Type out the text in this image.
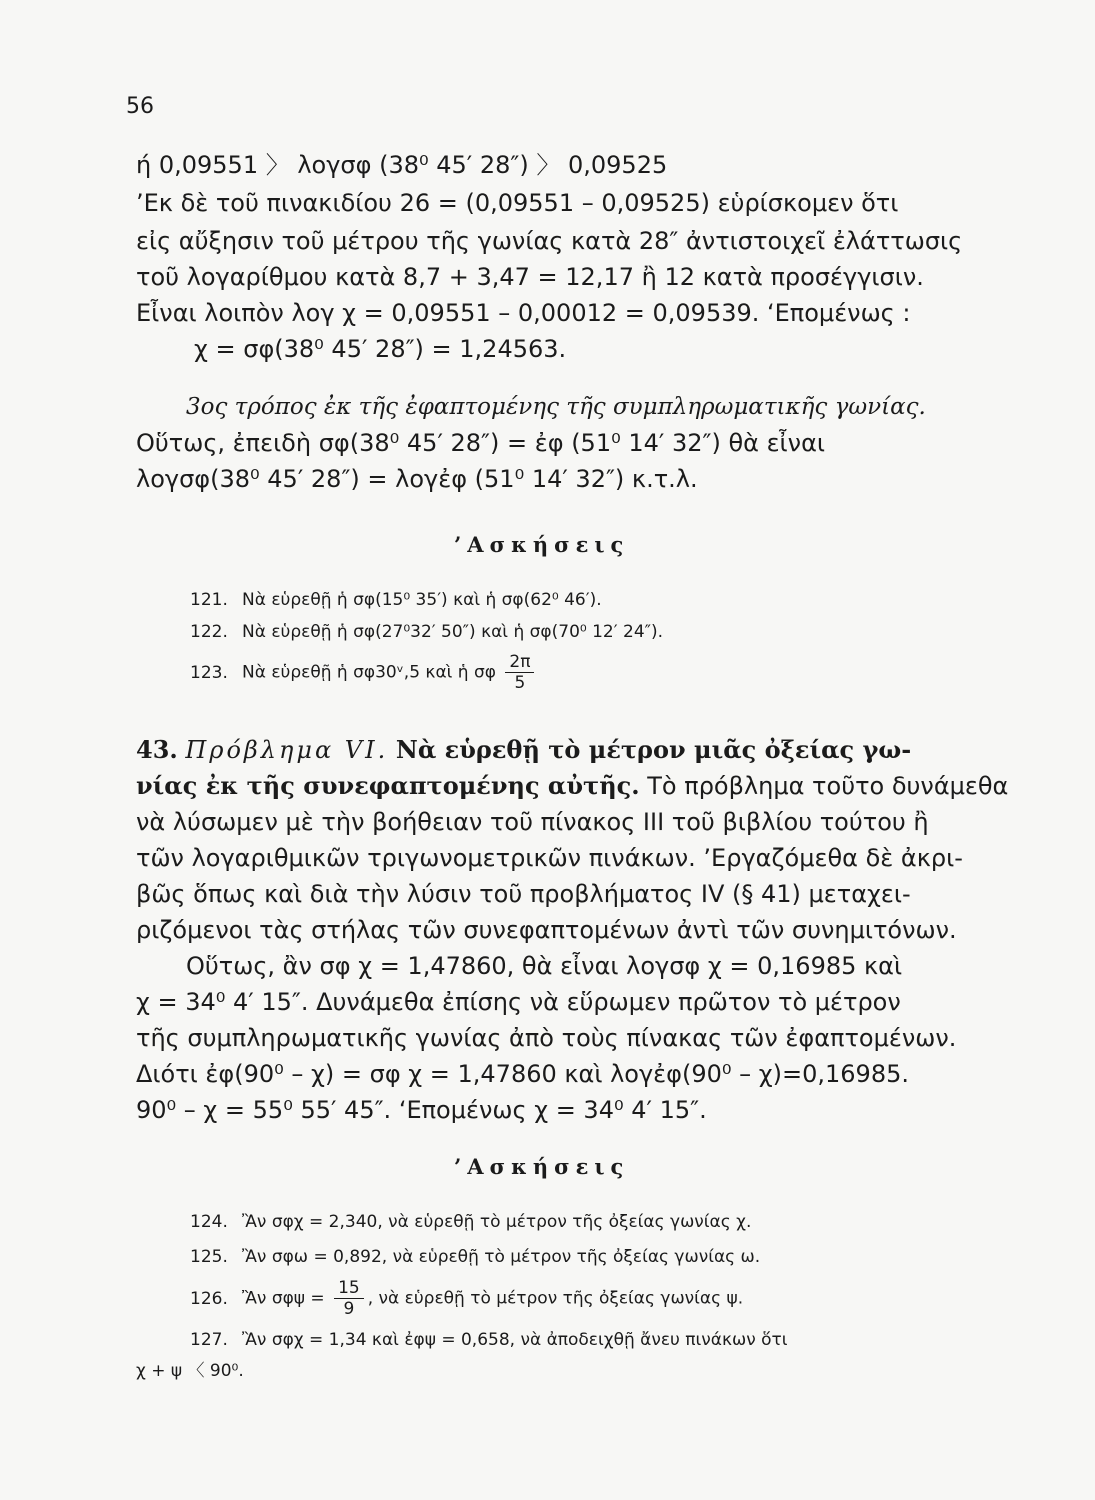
56
ή 0,09551 〉 λογσφ (38⁰ 45′ 28″) 〉 0,09525
’Εκ δὲ τοῦ πινακιδίου 26 = (0,09551 – 0,09525) εὑρίσκομεν ὅτι
εἰς αὔξησιν τοῦ μέτρου τῆς γωνίας κατὰ 28″ ἀντιστοιχεῖ ἐλάττωσις
τοῦ λογαρίθμου κατὰ 8,7 + 3,47 = 12,17 ἢ 12 κατὰ προσέγγισιν.
Εἶναι λοιπὸν λογ χ = 0,09551 – 0,00012 = 0,09539. ‘Επομένως :
χ = σφ(38⁰ 45′ 28″) = 1,24563.
3ος τρόπος ἐκ τῆς ἐφαπτομένης τῆς συμπληρωματικῆς γωνίας.
Οὕτως, ἐπειδὴ σφ(38⁰ 45′ 28″) = ἐφ (51⁰ 14′ 32″) θὰ εἶναι
λογσφ(38⁰ 45′ 28″) = λογἐφ (51⁰ 14′ 32″) κ.τ.λ.
’Ασκήσεις
121. Νὰ εὑρεθῇ ἡ σφ(15⁰ 35′) καὶ ἡ σφ(62⁰ 46′).
122. Νὰ εὑρεθῇ ἡ σφ(27⁰32′ 50″) καὶ ἡ σφ(70⁰ 12′ 24″).
123. Νὰ εὑρεθῇ ἡ σφ30ᵛ,5 καὶ ἡ σφ $\frac{2\pi}{5}$
43. Πρόβλημα VI. Νὰ εὑρεθῇ τὸ μέτρον μιᾶς ὀξείας γω-
νίας ἐκ τῆς συνεφαπτομένης αὐτῆς. Τὸ πρόβλημα τοῦτο δυνάμεθα
νὰ λύσωμεν μὲ τὴν βοήθειαν τοῦ πίνακος ΙΙΙ τοῦ βιβλίου τούτου ἢ
τῶν λογαριθμικῶν τριγωνομετρικῶν πινάκων. ’Εργαζόμεθα δὲ ἀκρι-
βῶς ὅπως καὶ διὰ τὴν λύσιν τοῦ προβλήματος ΙV (§ 41) μεταχει-
ριζόμενοι τὰς στήλας τῶν συνεφαπτομένων ἀντὶ τῶν συνημιτόνων.
Οὕτως, ἂν σφ χ = 1,47860, θὰ εἶναι λογσφ χ = 0,16985 καὶ
χ = 34⁰ 4′ 15″. Δυνάμεθα ἐπίσης νὰ εὕρωμεν πρῶτον τὸ μέτρον
τῆς συμπληρωματικῆς γωνίας ἀπὸ τοὺς πίνακας τῶν ἐφαπτομένων.
Διότι ἐφ(90⁰ – χ) = σφ χ = 1,47860 καὶ λογἐφ(90⁰ – χ)=0,16985.
90⁰ – χ = 55⁰ 55′ 45″. ‘Επομένως χ = 34⁰ 4′ 15″.
’Ασκήσεις
124. Ἂν σφχ = 2,340, νὰ εὑρεθῇ τὸ μέτρον τῆς ὀξείας γωνίας χ.
125. Ἂν σφω = 0,892, νὰ εὑρεθῇ τὸ μέτρον τῆς ὀξείας γωνίας ω.
126. Ἂν $\sigma\varphi\psi = \frac{15}{9}$ , νὰ εὑρεθῇ τὸ μέτρον τῆς ὀξείας γωνίας ψ.
127. Ἂν σφχ = 1,34 καὶ ἐφψ = 0,658, νὰ ἀποδειχθῇ ἄνευ πινάκων ὅτι
χ + ψ 〈 90⁰.
